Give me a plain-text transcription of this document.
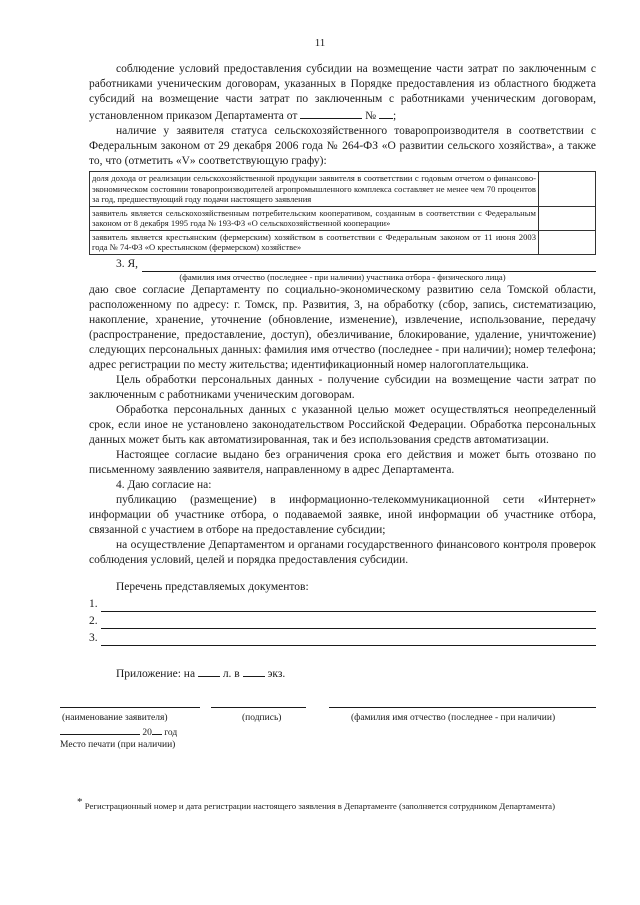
11

соблюдение условий предоставления субсидии на возмещение части затрат по заключенным с работниками ученическим договорам, указанных в Порядке предоставления из областного бюджета субсидий на возмещение части затрат по заключенным с работниками ученическим договорам, установленном приказом Департамента от	№ ;

наличие у заявителя статуса сельскохозяйственного товаропроизводителя в соответствии с Федеральным законом от 29 декабря 2006 года № 264-ФЗ «О развитии сельского хозяйства», а также то, что (отметить «V» соответствующую графу):

доля дохода от реализации сельскохозяйственной продукции заявителя в соответствии с годовым отчетом о финансово-экономическом состоянии товаропроизводителей агропромышленного комплекса составляет не менее чем 70 процентов за год, предшествующий году подачи настоящего заявления	
заявитель является сельскохозяйственным потребительским кооперативом, созданным в соответствии с Федеральным законом от 8 декабря 1995 года № 193-ФЗ «О сельскохозяйственной кооперации»	
заявитель является крестьянским (фермерским) хозяйством в соответствии с Федеральным законом от 11 июня 2003 года № 74-ФЗ «О крестьянском (фермерском) хозяйстве»	
3. Я,
(фамилия имя отчество (последнее - при наличии) участника отбора - физического лица)

даю свое согласие Департаменту по социально-экономическому развитию села Томской области, расположенному по адресу: г. Томск, пр. Развития, 3, на обработку (сбор, запись, систематизацию, накопление, хранение, уточнение (обновление, изменение), извлечение, использование, передачу (распространение, предоставление, доступ), обезличивание, блокирование, удаление, уничтожение) следующих персональных данных: фамилия имя отчество (последнее - при наличии); номер телефона; адрес регистрации по месту жительства; идентификационный номер налогоплательщика.

Цель обработки персональных данных - получение субсидии на возмещение части затрат по заключенным с работниками ученическим договорам.

Обработка персональных данных с указанной целью может осуществляться неопределенный срок, если иное не установлено законодательством Российской Федерации. Обработка персональных данных может быть как автоматизированная, так и без использования средств автоматизации.

Настоящее согласие выдано без ограничения срока его действия и может быть отозвано по письменному заявлению заявителя, направленному в адрес Департамента.

4. Даю согласие на:

публикацию (размещение) в информационно-телекоммуникационной сети «Интернет» информации об участнике отбора, о подаваемой заявке, иной информации об участнике отбора, связанной с участием в отборе на предоставление субсидии;

на осуществление Департаментом и органами государственного финансового контроля проверок соблюдения условий, целей и порядка предоставления субсидии.

Перечень представляемых документов:

1.
2.
3.

Приложение: на л. в экз.

(наименование заявителя)	(подпись)	(фамилия имя отчество (последнее - при наличии)
20 год
Место печати (при наличии)
* Регистрационный номер и дата регистрации настоящего заявления в Департаменте (заполняется сотрудником Департамента)
